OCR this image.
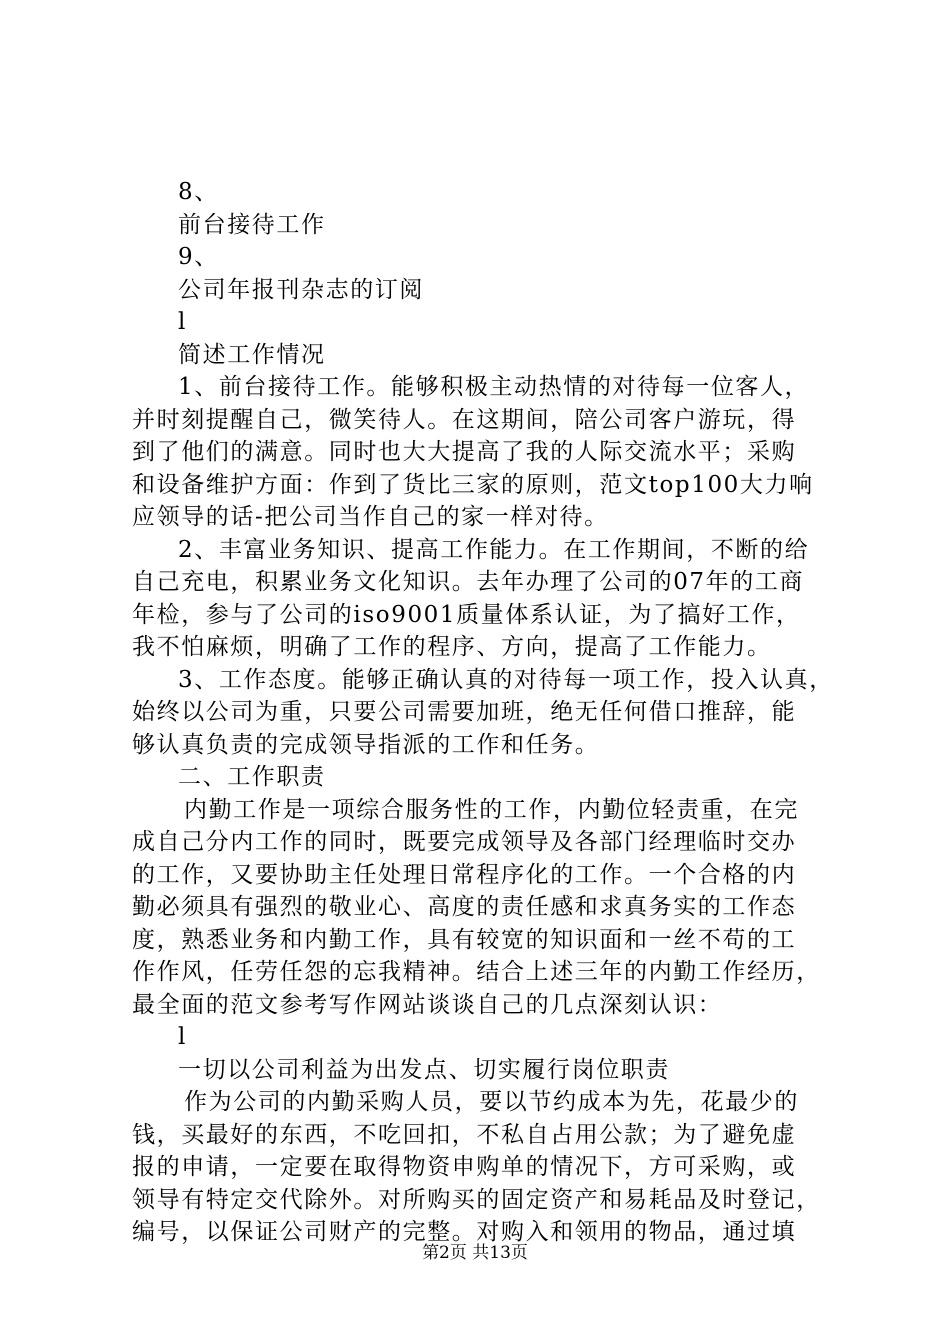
8、
前台接待工作
9、
公司年报刊杂志的订阅
l
简述工作情况
1、前台接待工作。能够积极主动热情的对待每一位客人，
并时刻提醒自己，微笑待人。在这期间，陪公司客户游玩，得
到了他们的满意。同时也大大提高了我的人际交流水平；采购
和设备维护方面：作到了货比三家的原则，范文top100大力响
应领导的话-把公司当作自己的家一样对待。
2、丰富业务知识、提高工作能力。在工作期间，不断的给
自己充电，积累业务文化知识。去年办理了公司的07年的工商
年检，参与了公司的iso9001质量体系认证，为了搞好工作，
我不怕麻烦，明确了工作的程序、方向，提高了工作能力。
3、工作态度。能够正确认真的对待每一项工作，投入认真，
始终以公司为重，只要公司需要加班，绝无任何借口推辞，能
够认真负责的完成领导指派的工作和任务。
二、工作职责
内勤工作是一项综合服务性的工作，内勤位轻责重，在完
成自己分内工作的同时，既要完成领导及各部门经理临时交办
的工作，又要协助主任处理日常程序化的工作。一个合格的内
勤必须具有强烈的敬业心、高度的责任感和求真务实的工作态
度，熟悉业务和内勤工作，具有较宽的知识面和一丝不苟的工
作作风，任劳任怨的忘我精神。结合上述三年的内勤工作经历，
最全面的范文参考写作网站谈谈自己的几点深刻认识：
l
一切以公司利益为出发点、切实履行岗位职责
作为公司的内勤采购人员，要以节约成本为先，花最少的
钱，买最好的东西，不吃回扣，不私自占用公款；为了避免虚
报的申请，一定要在取得物资申购单的情况下，方可采购，或
领导有特定交代除外。对所购买的固定资产和易耗品及时登记，
编号，以保证公司财产的完整。对购入和领用的物品，通过填
第2页 共13页
